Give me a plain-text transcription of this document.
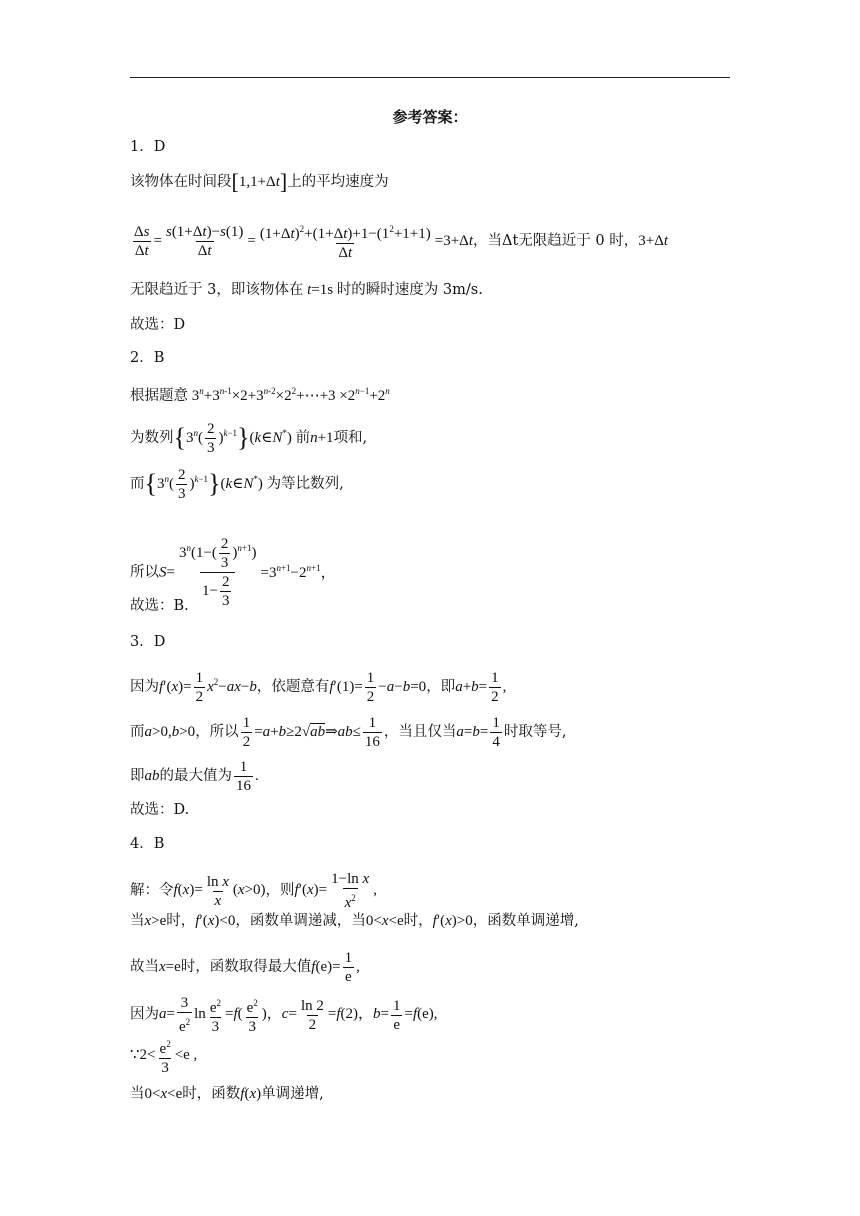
参考答案：
1．D
该物体在时间段[1,1+Δt]上的平均速度为
$\frac{\Delta s}{\Delta t} = \frac{s(1+\Delta t)-s(1)}{\Delta t} = \frac{(1+\Delta t)^2+(1+\Delta t)+1-(1^2+1+1)}{\Delta t} =3+\Delta t$，当Δt无限趋近于 0 时，3+Δt
无限趋近于 3，即该物体在 t=1s 时的瞬时速度为 3m/s.
故选：D
2．B
根据题意 $3^n+3^{n-1}\times 2+3^{n-2}\times 2^2+\cdots+3 \times 2^{n-1}+2^n$
为数列{$3^n( \frac{2}{3}$ )$^{k-1}\}(k\in N^*)$ 前n+1项和,
而{$3^n( \frac{2}{3}$ )$^{k-1}\}(k\in N^*)$ 为等比数列,
所以$S= \frac{3^n(1-( \frac{2}{3} )^{n+1})}{1- \frac{2}{3}} =3^{n+1}-2^{n+1}$，
故选：B.
3．D
因为$f'(x)= \frac{1}{2} x^2-ax-b$，依题意有$f'(1)= \frac{1}{2} -a-b=0$，即$a+b= \frac{1}{2}$ ,
而a>0,b>0，所以 $\frac{1}{2}$ =a+b≥2√ab⇒ab≤ $\frac{1}{16}$ ，当且仅当$a=b= \frac{1}{4}$ 时取等号,
即ab的最大值为 $\frac{1}{16}$ .
故选：D.
4．B
解：令$f(x)= \frac{\text{ln x}}{x} (x>0)$，则$f'(x)= \frac{\text{1−ln x}}{x^2}$ ,
当x>e时，f′(x)<0，函数单调递减，当0<x<e时，f′(x)>0，函数单调递增,
故当x=e时，函数取得最大值$f(e)= \frac{1}{e}$ ,
因为$a= \frac{3}{e^2}$ $\ln \frac{e^2}{3} =f( \frac{e^2}{3}$ )，$c= \frac{\ln 2}{2} =f(2)$，$b= \frac{1}{e} =f(e)$,
∵2< $\frac{e^2}{3} <e$ ,
当0<x<e时，函数f(x)单调递增,
